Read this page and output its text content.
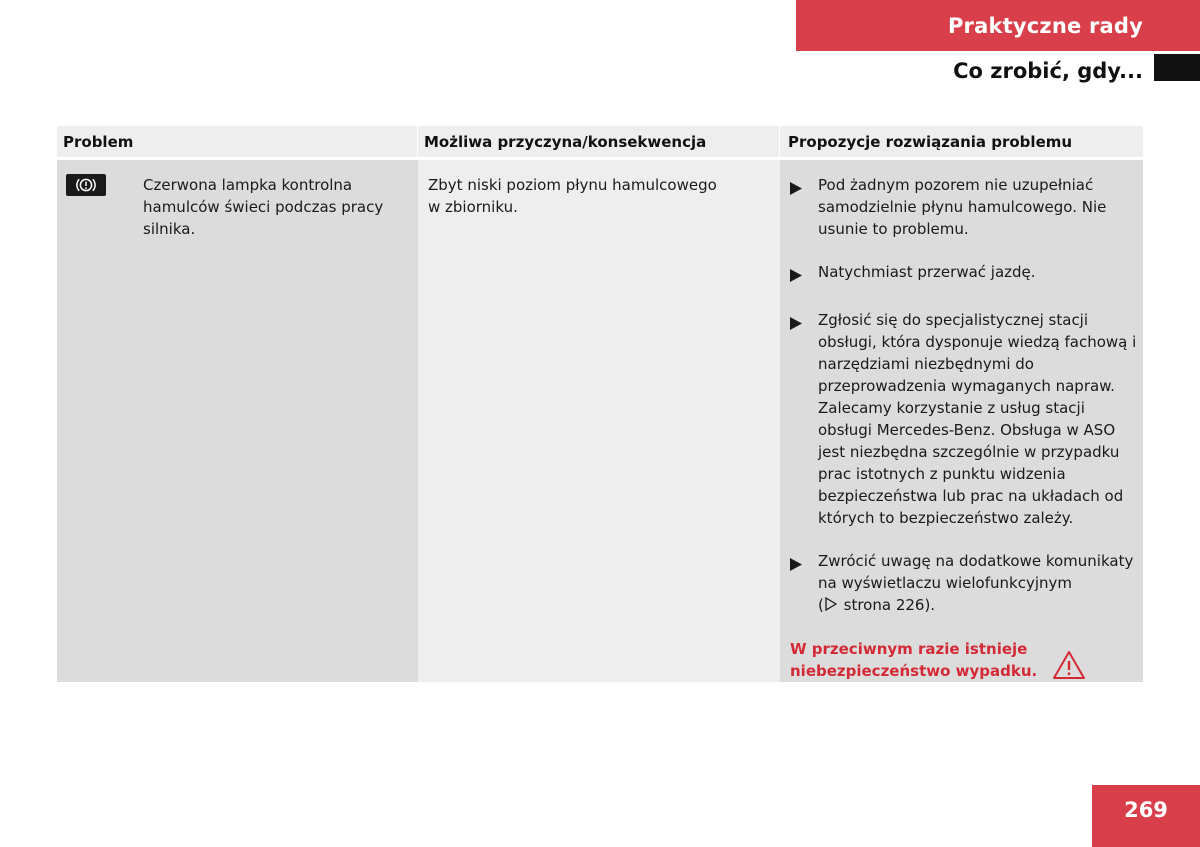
Praktyczne rady
Co zrobić, gdy...
Problem	Możliwa przyczyna/konsekwencja	Propozycje rozwiązania problemu
Czerwona lampka kontrolna hamulców świeci podczas pracy silnika.
Zbyt niski poziom płynu hamulcowego w zbiorniku.
Pod żadnym pozorem nie uzupełniać samodzielnie płynu hamulcowego. Nie usunie to problemu.
Natychmiast przerwać jazdę.
Zgłosić się do specjalistycznej stacji obsługi, która dysponuje wiedzą fachową i narzędziami niezbędnymi do przeprowadzenia wymaganych napraw. Zalecamy korzystanie z usług stacji obsługi Mercedes-Benz. Obsługa w ASO jest niezbędna szczególnie w przypadku prac istotnych z punktu widzenia bezpieczeństwa lub prac na układach od których to bezpieczeństwo zależy.
Zwrócić uwagę na dodatkowe komunikaty na wyświetlaczu wielofunkcyjnym
( strona 226).
W przeciwnym razie istnieje niebezpieczeństwo wypadku.
269
